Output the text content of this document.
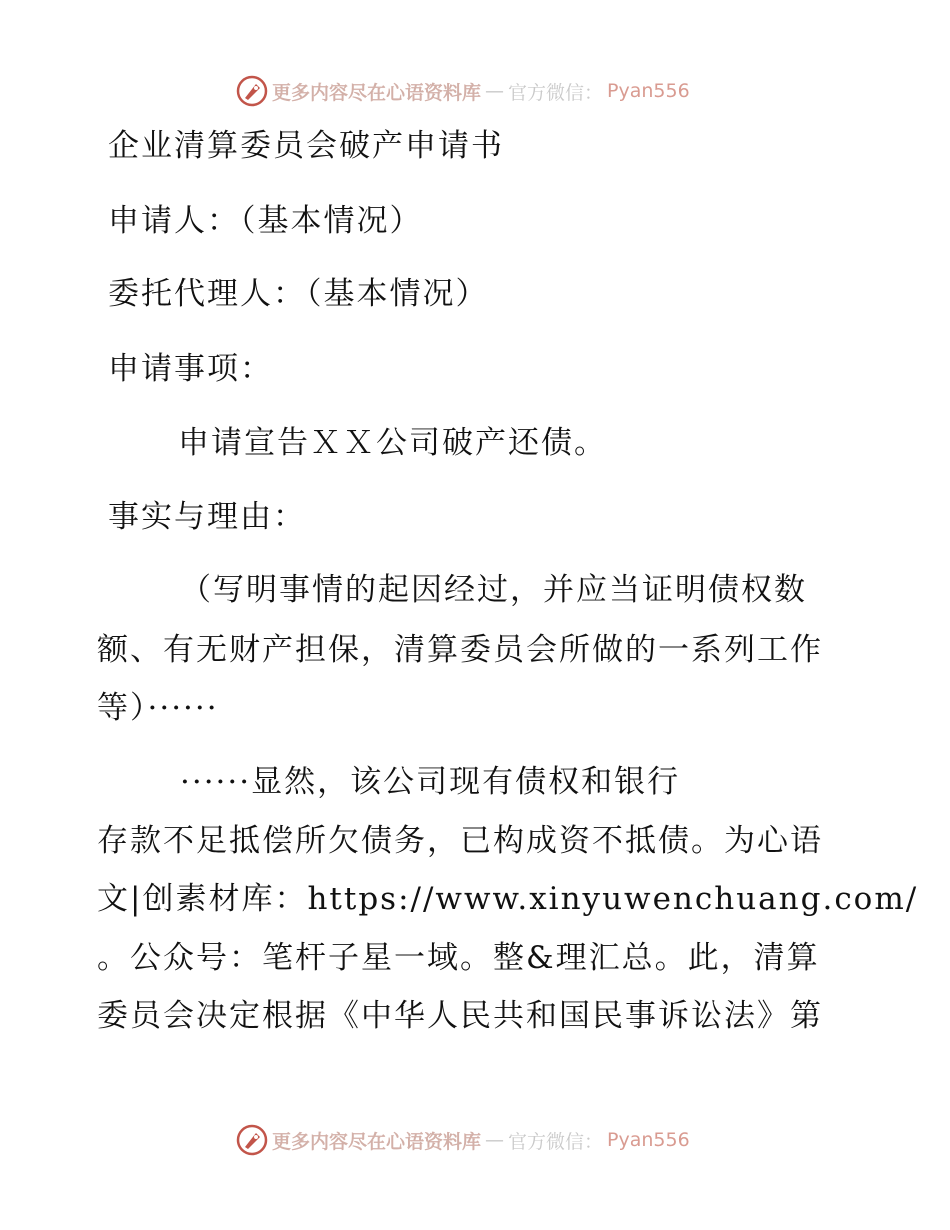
更多内容尽在心语资料库 — 官方微信： Pyan556
企业清算委员会破产申请书
申请人：（基本情况）
委托代理人：（基本情况）
申请事项：
申请宣告ＸＸ公司破产还债。
事实与理由：
（写明事情的起因经过，并应当证明债权数
额、有无财产担保，清算委员会所做的一系列工作
等）······
······显然，该公司现有债权和银行
存款不足抵偿所欠债务，已构成资不抵债。为心语
文|创素材库：https://www.xinyuwenchuang.com/
。公众号：笔杆子星一域。整&理汇总。此，清算
委员会决定根据《中华人民共和国民事诉讼法》第
更多内容尽在心语资料库 — 官方微信： Pyan556
